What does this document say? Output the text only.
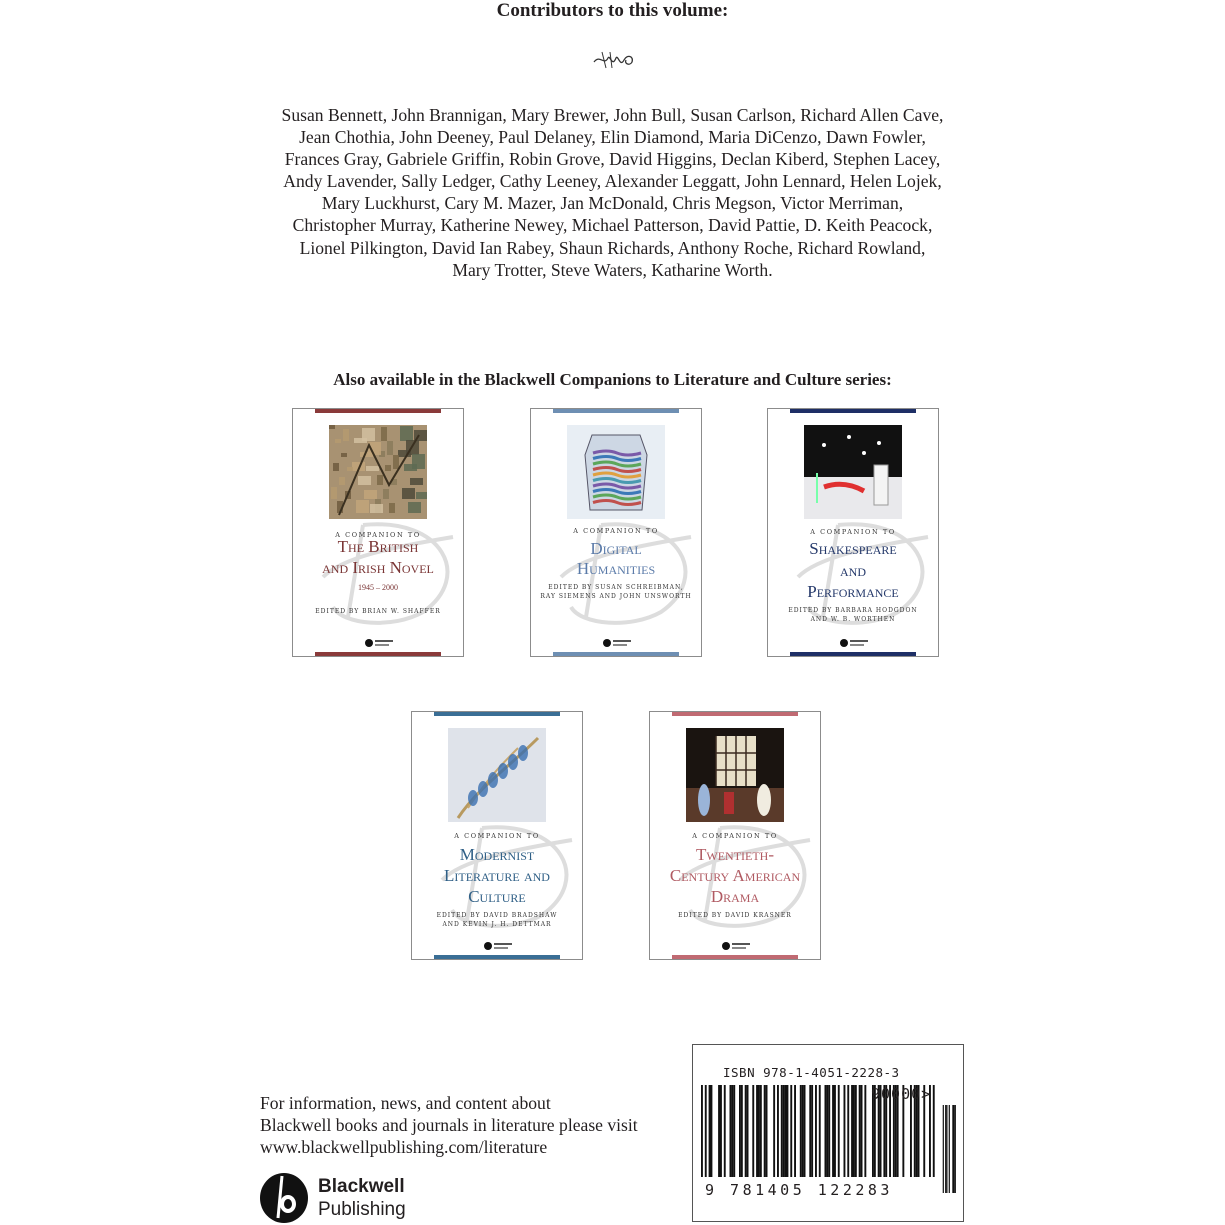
Contributors to this volume:
Susan Bennett, John Brannigan, Mary Brewer, John Bull, Susan Carlson, Richard Allen Cave,
Jean Chothia, John Deeney, Paul Delaney, Elin Diamond, Maria DiCenzo, Dawn Fowler,
Frances Gray, Gabriele Griffin, Robin Grove, David Higgins, Declan Kiberd, Stephen Lacey,
Andy Lavender, Sally Ledger, Cathy Leeney, Alexander Leggatt, John Lennard, Helen Lojek,
Mary Luckhurst, Cary M. Mazer, Jan McDonald, Chris Megson, Victor Merriman,
Christopher Murray, Katherine Newey, Michael Patterson, David Pattie, D. Keith Peacock,
Lionel Pilkington, David Ian Rabey, Shaun Richards, Anthony Roche, Richard Rowland,
Mary Trotter, Steve Waters, Katharine Worth.
Also available in the Blackwell Companions to Literature and Culture series:
A COMPANION TO
The British
and Irish Novel
1945 – 2000
EDITED BY BRIAN W. SHAFFER
A COMPANION TO
Digital
Humanities
EDITED BY SUSAN SCHREIBMAN,
RAY SIEMENS AND JOHN UNSWORTH
A COMPANION TO
Shakespeare
and
Performance
EDITED BY BARBARA HODGDON
AND W. B. WORTHEN
A COMPANION TO
Modernist
Literature and
Culture
EDITED BY DAVID BRADSHAW
AND KEVIN J. H. DETTMAR
A COMPANION TO
Twentieth-
Century American
Drama
EDITED BY DAVID KRASNER
For information, news, and content about
Blackwell books and journals in literature please visit
www.blackwellpublishing.com/literature
Blackwell
Publishing
ISBN 978-1-4051-2228-3
90000>
9 781405 122283
